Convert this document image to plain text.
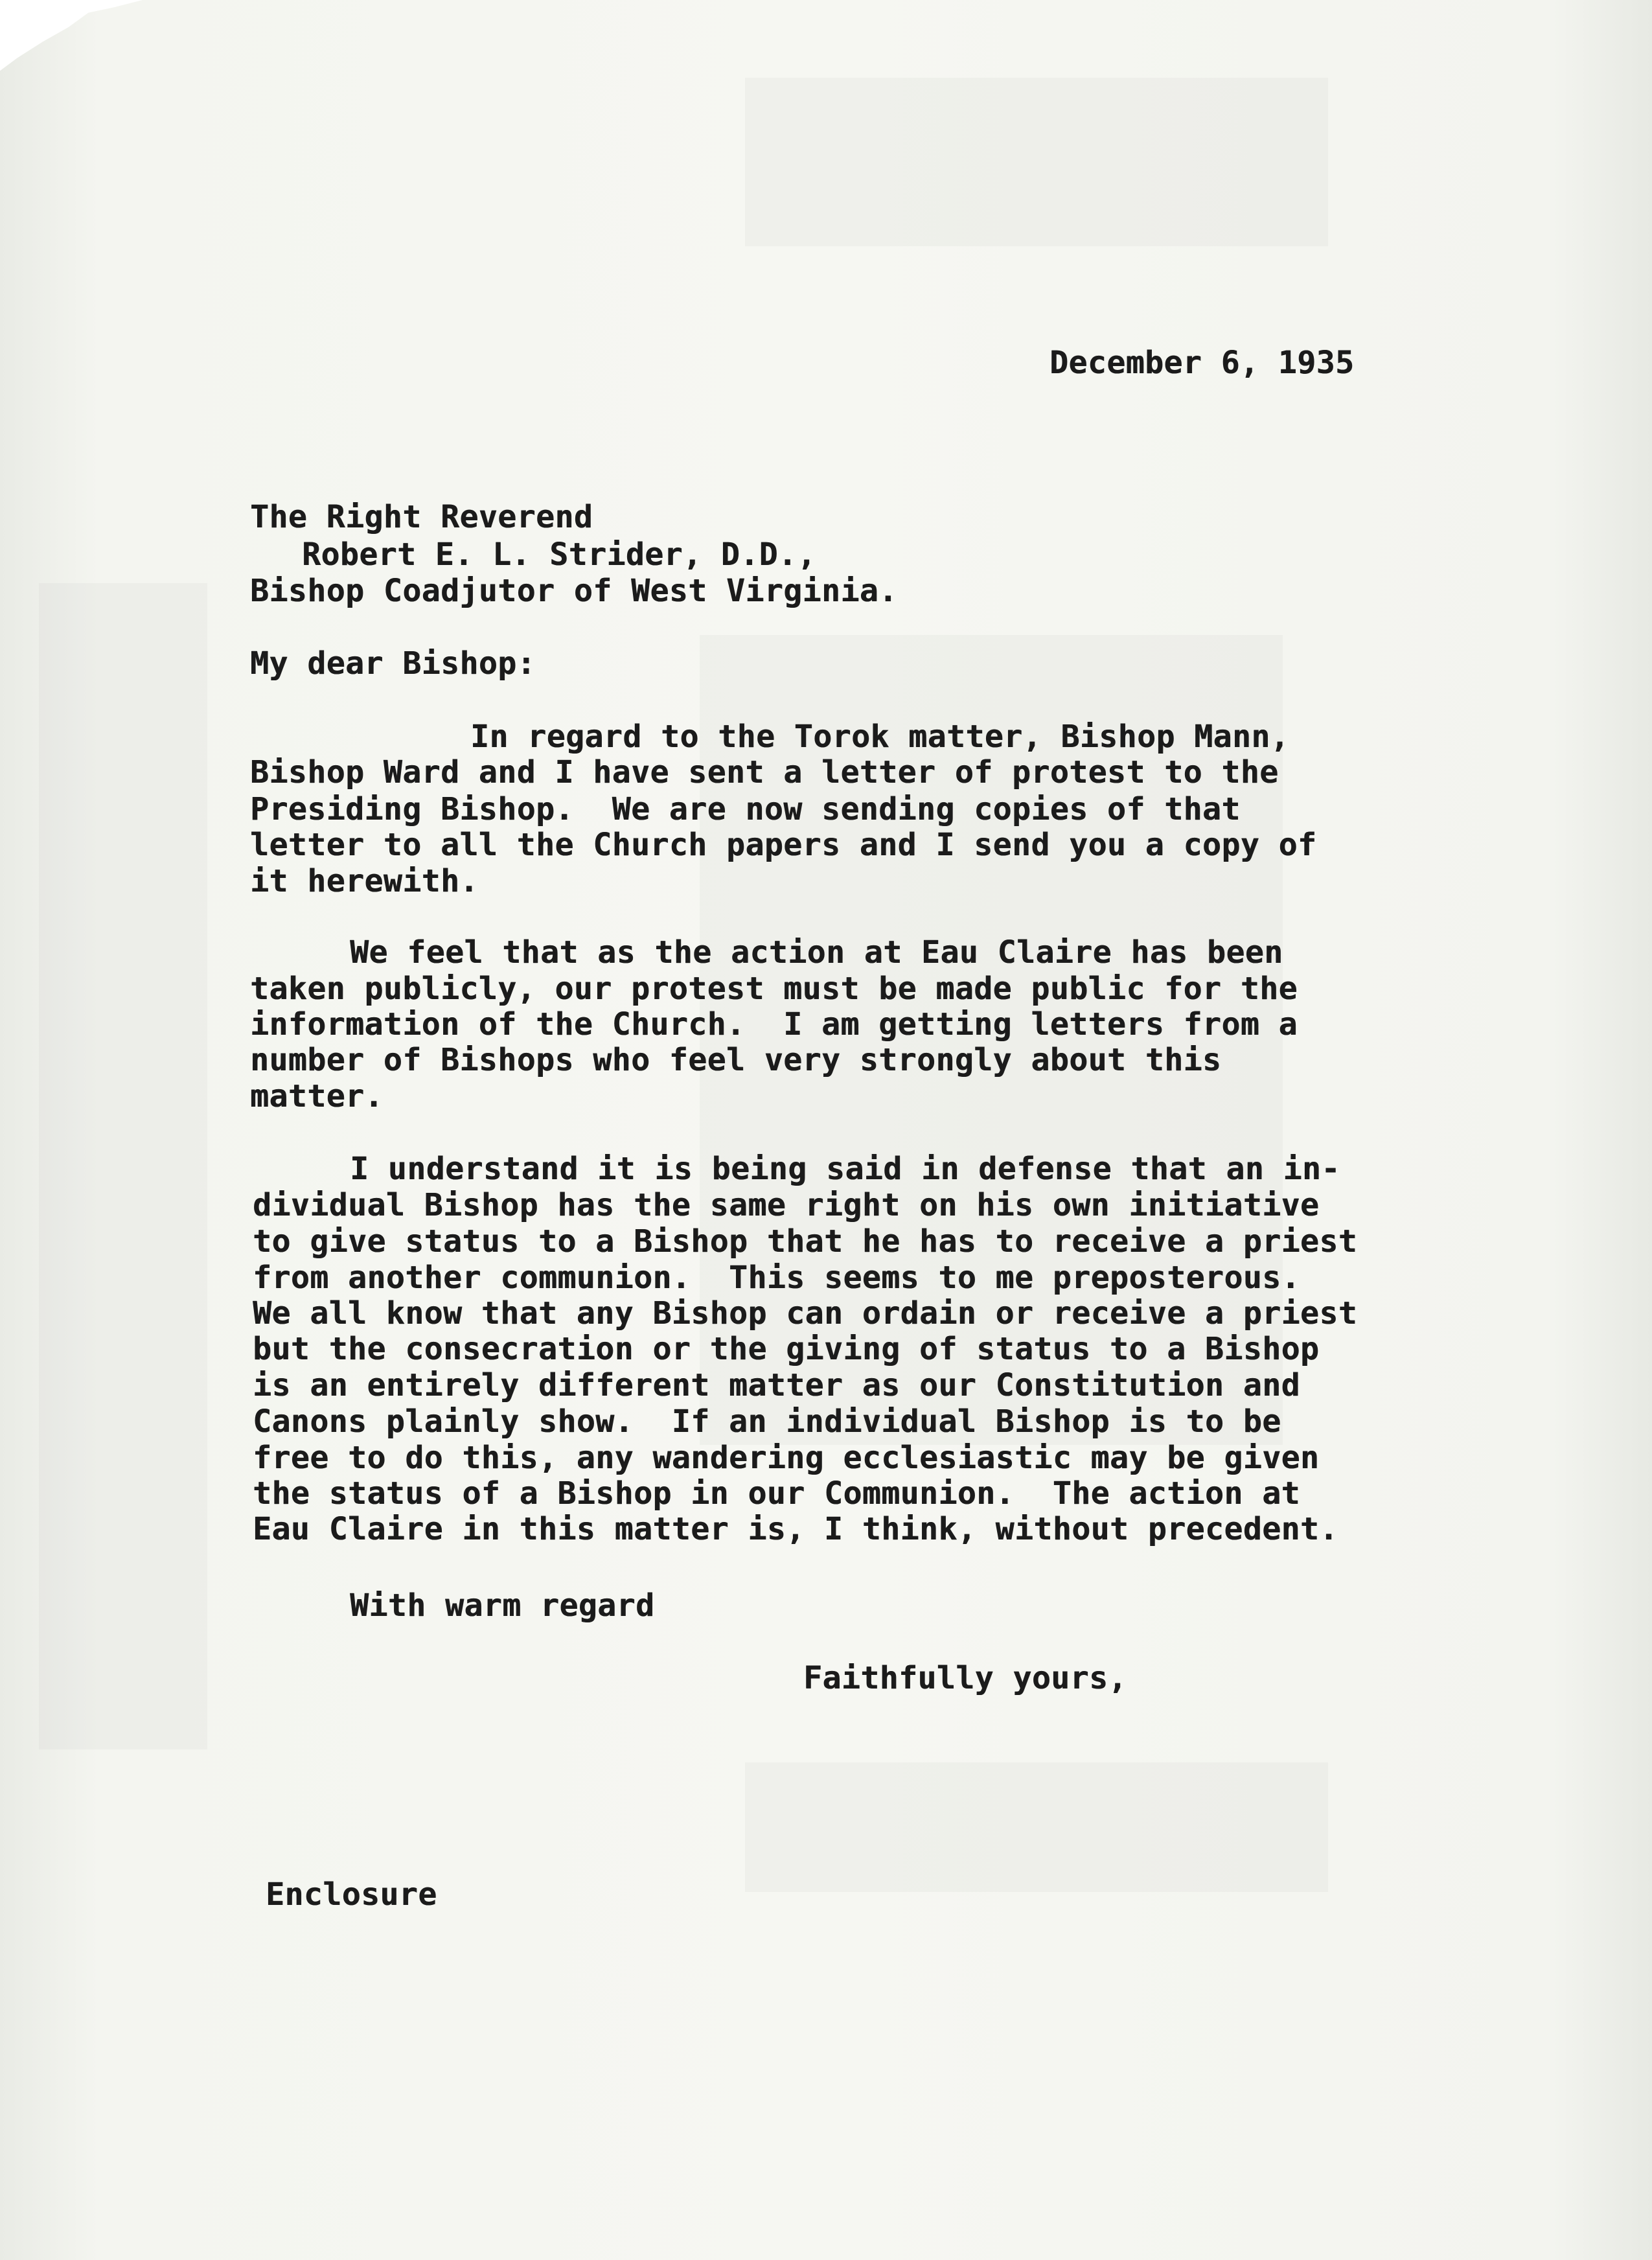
December 6, 1935
The Right Reverend
Robert E. L. Strider, D.D.,
Bishop Coadjutor of West Virginia.
My dear Bishop:
In regard to the Torok matter, Bishop Mann,
Bishop Ward and I have sent a letter of protest to the
Presiding Bishop.  We are now sending copies of that
letter to all the Church papers and I send you a copy of
it herewith.
We feel that as the action at Eau Claire has been
taken publicly, our protest must be made public for the
information of the Church.  I am getting letters from a
number of Bishops who feel very strongly about this
matter.
I understand it is being said in defense that an in-
dividual Bishop has the same right on his own initiative
to give status to a Bishop that he has to receive a priest
from another communion.  This seems to me preposterous.
We all know that any Bishop can ordain or receive a priest
but the consecration or the giving of status to a Bishop
is an entirely different matter as our Constitution and
Canons plainly show.  If an individual Bishop is to be
free to do this, any wandering ecclesiastic may be given
the status of a Bishop in our Communion.  The action at
Eau Claire in this matter is, I think, without precedent.
With warm regard
Faithfully yours,
Enclosure
